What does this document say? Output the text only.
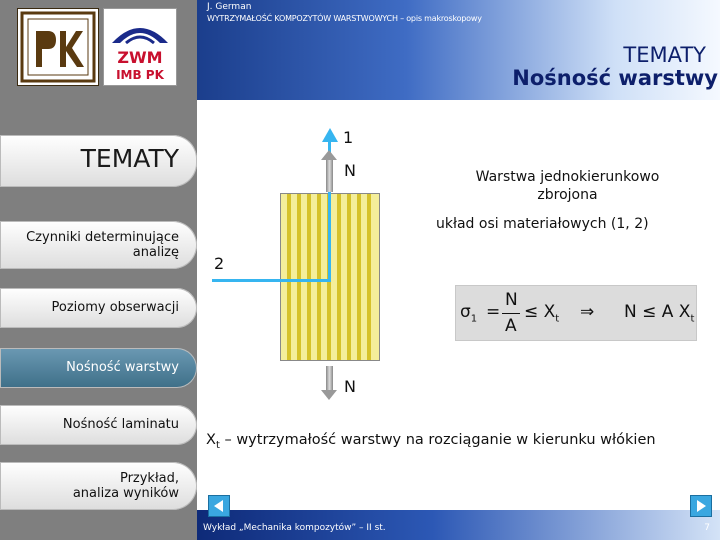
ZWM
IMB PK
J. German
WYTRZYMAŁOŚĆ KOMPOZYTÓW WARSTWOWYCH – opis makroskopowy
TEMATY
Nośność warstwy
TEMATY
Czynniki determinujące
analizę
Poziomy obserwacji
Nośność warstwy
Nośność laminatu
Przykład,
analiza wyników
1
N
2
N
Warstwa jednokierunkowo
zbrojona
układ osi materiałowych (1, 2)
$\sigma_1$ =
N
A
≤ $X_t$ ⇒ N ≤ A $X_t$
$X_t$ – wytrzymałość warstwy na rozciąganie w kierunku włókien
Wykład „Mechanika kompozytów” – II st.	7
